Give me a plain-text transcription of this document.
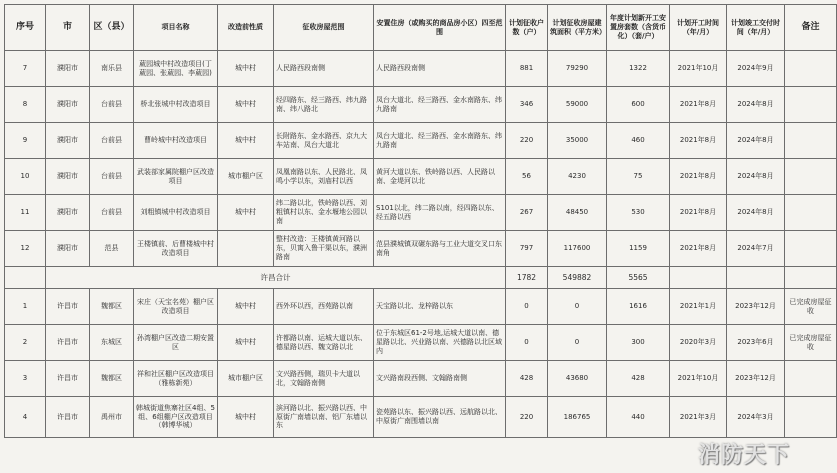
序号	市	区（县）	项目名称	改造前性质	征收房屋范围	安置住房（或购买的商品房小区）四至范围	计划征收户数（户）	计划征收房屋建筑面积（平方米）	年度计划新开工安置房套数（含货币化）（套/户）	计划开工时间（年/月）	计划竣工交付时间（年/月）	备注
7	濮阳市	南乐县	葳园城中村改造项目(丁葳园、张葳园、李葳园)	城中村	人民路西段南侧	人民路西段南侧	881	79290	1322	2021年10月	2024年9月	
8	濮阳市	台前县	桥北张城中村改造项目	城中村	经四路东、经三路西、纬九路南、纬八路北	凤台大道北、经三路西、金水南路东、纬九路南	346	59000	600	2021年8月	2024年8月	
9	濮阳市	台前县	曹岭城中村改造项目	城中村	长附路东、金水路西、京九大车站南、凤台大道北	凤台大道北、经三路西、金水南路东、纬九路南	220	35000	460	2021年8月	2024年8月	
10	濮阳市	台前县	武装部家属院棚户区改造项目	城市棚户区	凤凰南路以东、人民路北、凤鸣小学以东，刘庙村以西	黄河大道以东、铁岭路以西、人民路以南、金堤河以北	56	4230	75	2021年8月	2024年8月	
11	濮阳市	台前县	刘粗镇城中村改造项目	城中村	纬二路以北，铁岭路以西、刘粗镇村以东、金水堰地公园以南	S101以北，纬二路以南，经四路以东、经五路以西	267	48450	530	2021年8月	2024年8月	
12	濮阳市	范县	王楼镇前、后曹楼城中村改造项目		整村改造：王楼镇黄河路以东，贝寓入鲁干渠以东，濮洲路南	范县濮城镇双碾东路与工业大道交叉口东南角	797	117600	1159	2021年8月	2024年7月	
	许昌合计						1782	549882	5565			
1	许昌市	魏都区	宋庄（天宝名苑）棚户区改造项目	城中村	西外环以西，西苑路以南	天宝路以北、龙梓路以东	0	0	1616	2021年1月	2023年12月	已完成房屋征收
2	许昌市	东城区	孙湾棚户区改造二期安置区	城中村	许都路以南、运城大道以东、德星路以西、魏文路以北	位于东城区61-2号地,运城大道以南、德星路以北、兴业路以南、兴德路以北区域内	0	0	300	2020年3月	2023年6月	已完成房屋征收
3	许昌市	魏都区	祥和社区棚户区改造项目（雅栋新苑）	城市棚户区	文兴路西侧，瑞贝卡大道以北，文翰路南侧	文兴路南段西侧、文翰路南侧	428	43680	428	2021年10月	2023年12月	
4	许昌市	禹州市	韩城街道焦寨社区4组、5组、6组棚户区改造项目（韩博华城）	城中村	滨河路以北、振兴路以西、中原街广南墙以南、铝厂东墙以东	瓷苑路以东、振兴路以西、远航路以北、中原街广南围墙以南	220	186765	440	2021年3月	2024年3月	
消防天下
